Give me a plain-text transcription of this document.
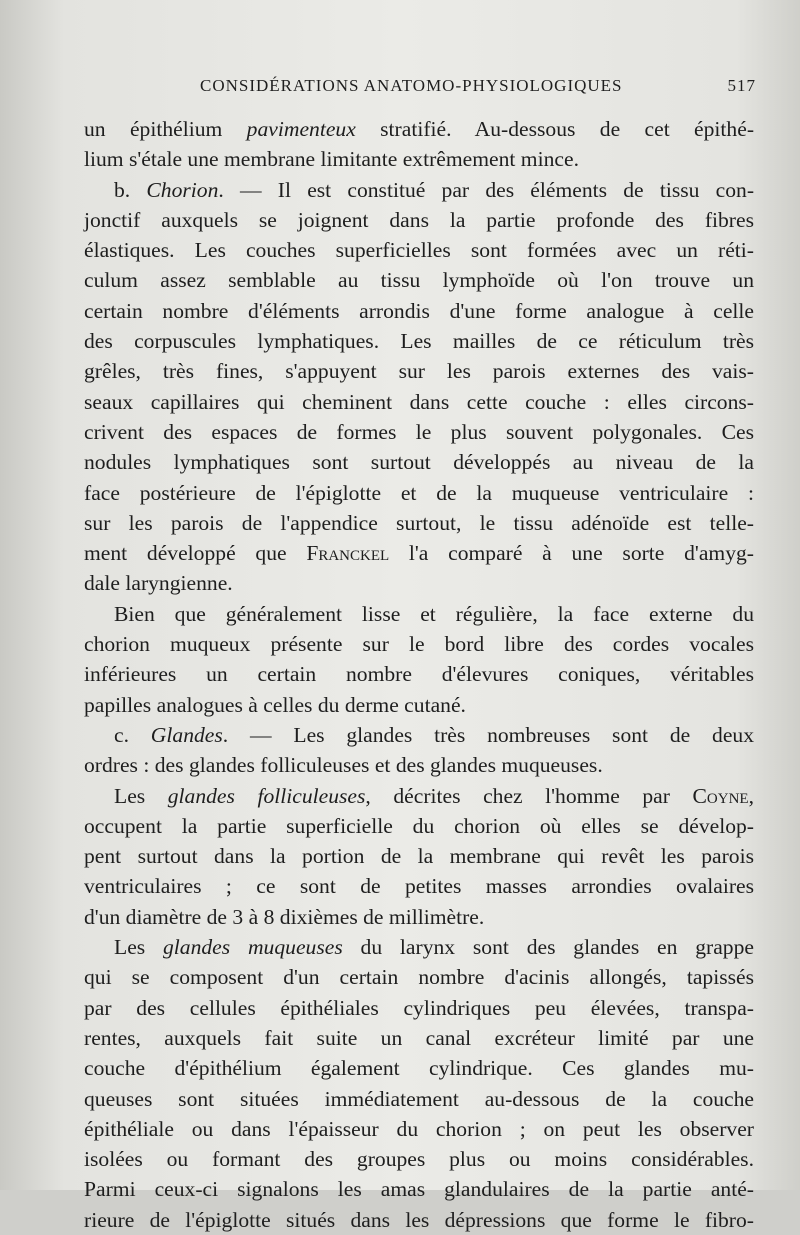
CONSIDÉRATIONS ANATOMO-PHYSIOLOGIQUES	517
un épithélium pavimenteux stratifié. Au-dessous de cet épithé-
lium s'étale une membrane limitante extrêmement mince.
b. Chorion. — Il est constitué par des éléments de tissu con-
jonctif auxquels se joignent dans la partie profonde des fibres
élastiques. Les couches superficielles sont formées avec un réti-
culum assez semblable au tissu lymphoïde où l'on trouve un
certain nombre d'éléments arrondis d'une forme analogue à celle
des corpuscules lymphatiques. Les mailles de ce réticulum très
grêles, très fines, s'appuyent sur les parois externes des vais-
seaux capillaires qui cheminent dans cette couche : elles circons-
crivent des espaces de formes le plus souvent polygonales. Ces
nodules lymphatiques sont surtout développés au niveau de la
face postérieure de l'épiglotte et de la muqueuse ventriculaire :
sur les parois de l'appendice surtout, le tissu adénoïde est telle-
ment développé que Franckel l'a comparé à une sorte d'amyg-
dale laryngienne.
Bien que généralement lisse et régulière, la face externe du
chorion muqueux présente sur le bord libre des cordes vocales
inférieures un certain nombre d'élevures coniques, véritables
papilles analogues à celles du derme cutané.
c. Glandes. — Les glandes très nombreuses sont de deux
ordres : des glandes folliculeuses et des glandes muqueuses.
Les glandes folliculeuses, décrites chez l'homme par Coyne,
occupent la partie superficielle du chorion où elles se dévelop-
pent surtout dans la portion de la membrane qui revêt les parois
ventriculaires ; ce sont de petites masses arrondies ovalaires
d'un diamètre de 3 à 8 dixièmes de millimètre.
Les glandes muqueuses du larynx sont des glandes en grappe
qui se composent d'un certain nombre d'acinis allongés, tapissés
par des cellules épithéliales cylindriques peu élevées, transpa-
rentes, auxquels fait suite un canal excréteur limité par une
couche d'épithélium également cylindrique. Ces glandes mu-
queuses sont situées immédiatement au-dessous de la couche
épithéliale ou dans l'épaisseur du chorion ; on peut les observer
isolées ou formant des groupes plus ou moins considérables.
Parmi ceux-ci signalons les amas glandulaires de la partie anté-
rieure de l'épiglotte situés dans les dépressions que forme le fibro-
